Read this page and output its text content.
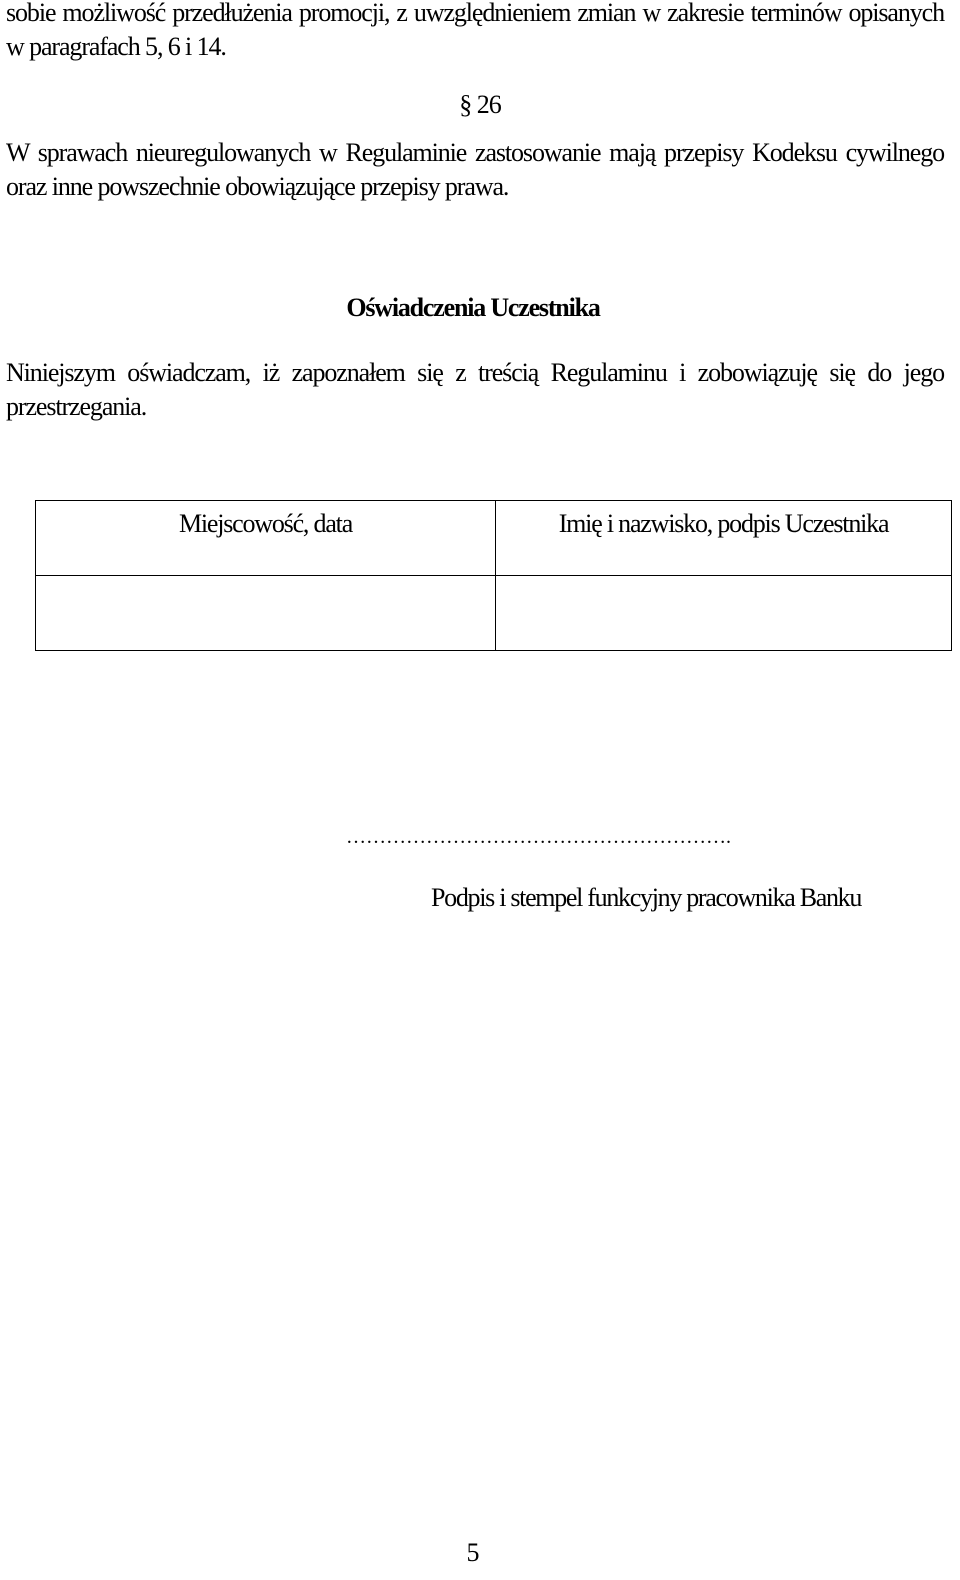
sobie możliwość przedłużenia promocji, z uwzględnieniem zmian w zakresie terminów opisanych w paragrafach 5, 6 i 14.

§ 26

W sprawach nieuregulowanych w Regulaminie zastosowanie mają przepisy Kodeksu cywilnego oraz inne powszechnie obowiązujące przepisy prawa.

Oświadczenia Uczestnika

Niniejszym oświadczam, iż zapoznałem się z treścią Regulaminu i zobowiązuję się do jego przestrzegania.

Miejscowość, data	Imię i nazwisko, podpis Uczestnika

………………………………………………….
Podpis i stempel funkcyjny pracownika Banku
5
